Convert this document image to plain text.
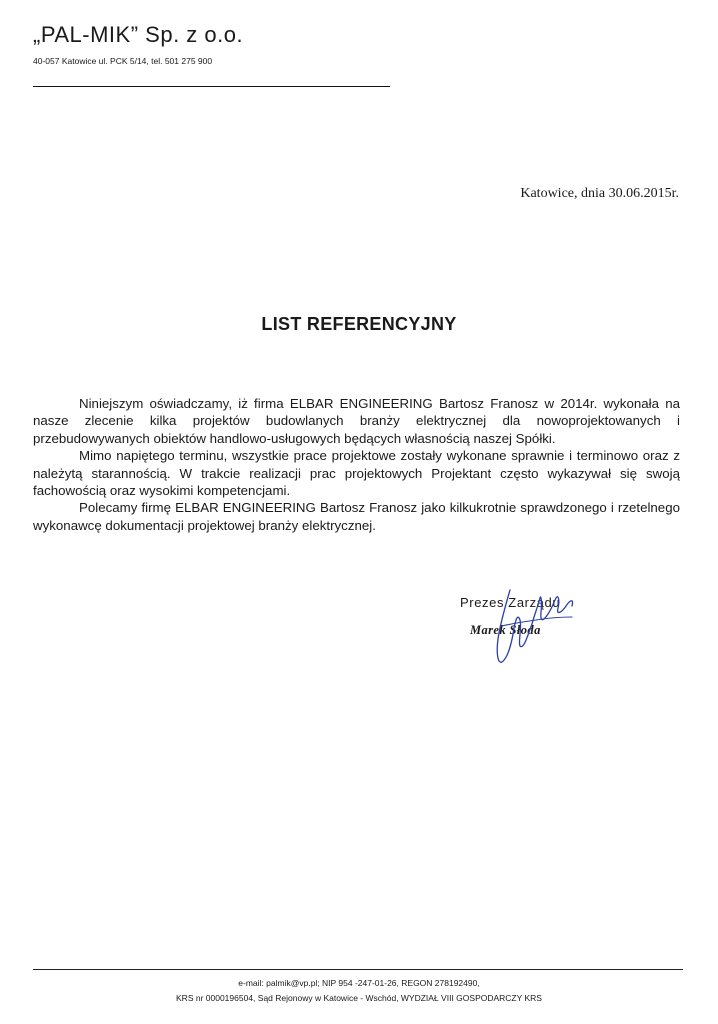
„PAL-MIK” Sp. z o.o.
40-057 Katowice ul. PCK 5/14, tel. 501 275 900
Katowice, dnia 30.06.2015r.
LIST REFERENCYJNY

Niniejszym oświadczamy, iż firma ELBAR ENGINEERING Bartosz Franosz w 2014r. wykonała na nasze zlecenie kilka projektów budowlanych branży elektrycznej dla nowoprojektowanych i przebudowywanych obiektów handlowo-usługowych będących własnością naszej Spółki.

Mimo napiętego terminu, wszystkie prace projektowe zostały wykonane sprawnie i terminowo oraz z należytą starannością. W trakcie realizacji prac projektowych Projektant często wykazywał się swoją fachowością oraz wysokimi kompetencjami.

Polecamy firmę ELBAR ENGINEERING Bartosz Franosz jako kilkukrotnie sprawdzonego i rzetelnego wykonawcę dokumentacji projektowej branży elektrycznej.

Prezes Zarządu
Marek Słoda
e-mail: palmik@vp.pl; NIP 954 -247-01-26, REGON 278192490,
KRS nr 0000196504, Sąd Rejonowy w Katowice - Wschód, WYDZIAŁ VIII GOSPODARCZY KRS
